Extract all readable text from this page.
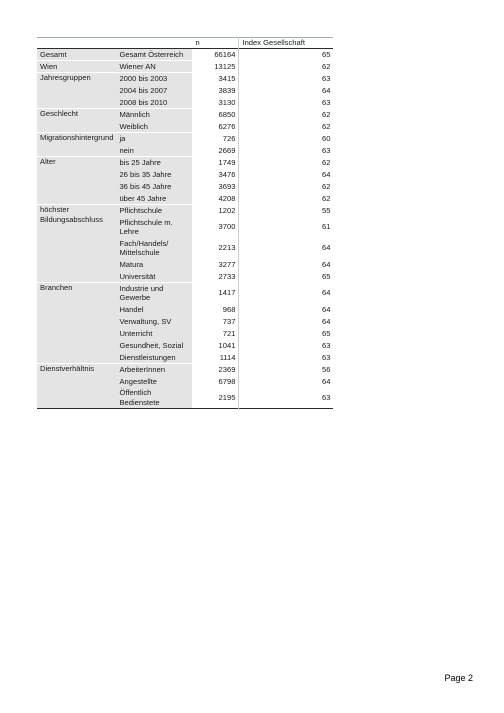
		n	Index Gesellschaft
Gesamt	Gesamt Österreich	66164	65
Wien	Wiener AN	13125	62
Jahresgruppen	2000 bis 2003	3415	63
	2004 bis 2007	3839	64
	2008 bis 2010	3130	63
Geschlecht	Männlich	6850	62
	Weiblich	6276	62
Migrationshintergrund	ja	726	60
	nein	2669	63
Alter	bis 25 Jahre	1749	62
	26 bis 35 Jahre	3476	64
	36 bis 45 Jahre	3693	62
	über 45 Jahre	4208	62
höchster Bildungsabschluss	Pflichtschule	1202	55
	Pflichtschule m. Lehre	3700	61
	Fach/Handels/ Mittelschule	2213	64
	Matura	3277	64
	Universität	2733	65
Branchen	Industrie und Gewerbe	1417	64
	Handel	968	64
	Verwaltung, SV	737	64
	Unterricht	721	65
	Gesundheit, Sozial	1041	63
	Dienstleistungen	1114	63
Dienstverhältnis	ArbeiterInnen	2369	56
	Angestellte	6798	64
	Öffentlich Bedienstete	2195	63
Page 2
